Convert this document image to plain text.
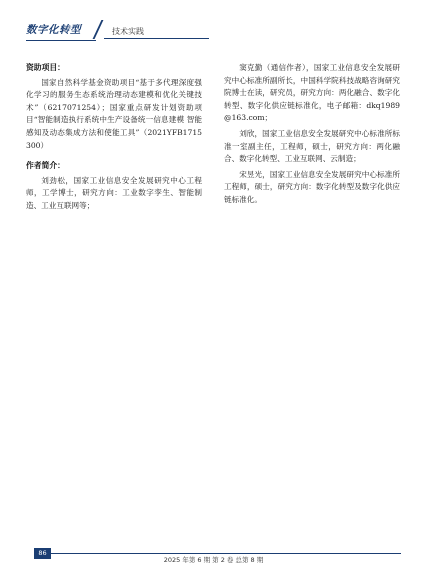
数字化转型	技术实践

资助项目：

国家自然科学基金资助项目“基于多代理深度强化学习的服务生态系统治理动态建模和优化关键技术”（6217071254）；国家重点研发计划资助项目“智能制造执行系统中生产设备统一信息建模 智能感知及动态集成方法和使能工具”（2021YFB1715300）

作者简介：

刘劲松，国家工业信息安全发展研究中心工程师，工学博士，研究方向：工业数字孪生、智能制造、工业互联网等；

窦克勤（通信作者），国家工业信息安全发展研究中心标准所副所长，中国科学院科技战略咨询研究院博士在读，研究员，研究方向：两化融合、数字化转型、数字化供应链标准化，电子邮箱：dkq1989@163.com；

刘欣，国家工业信息安全发展研究中心标准所标准一室副主任，工程师，硕士，研究方向：两化融合、数字化转型、工业互联网、云制造；

宋昱光，国家工业信息安全发展研究中心标准所工程师，硕士，研究方向：数字化转型及数字化供应链标准化。

86
2025 年第 6 期 第 2 卷 总第 8 期
